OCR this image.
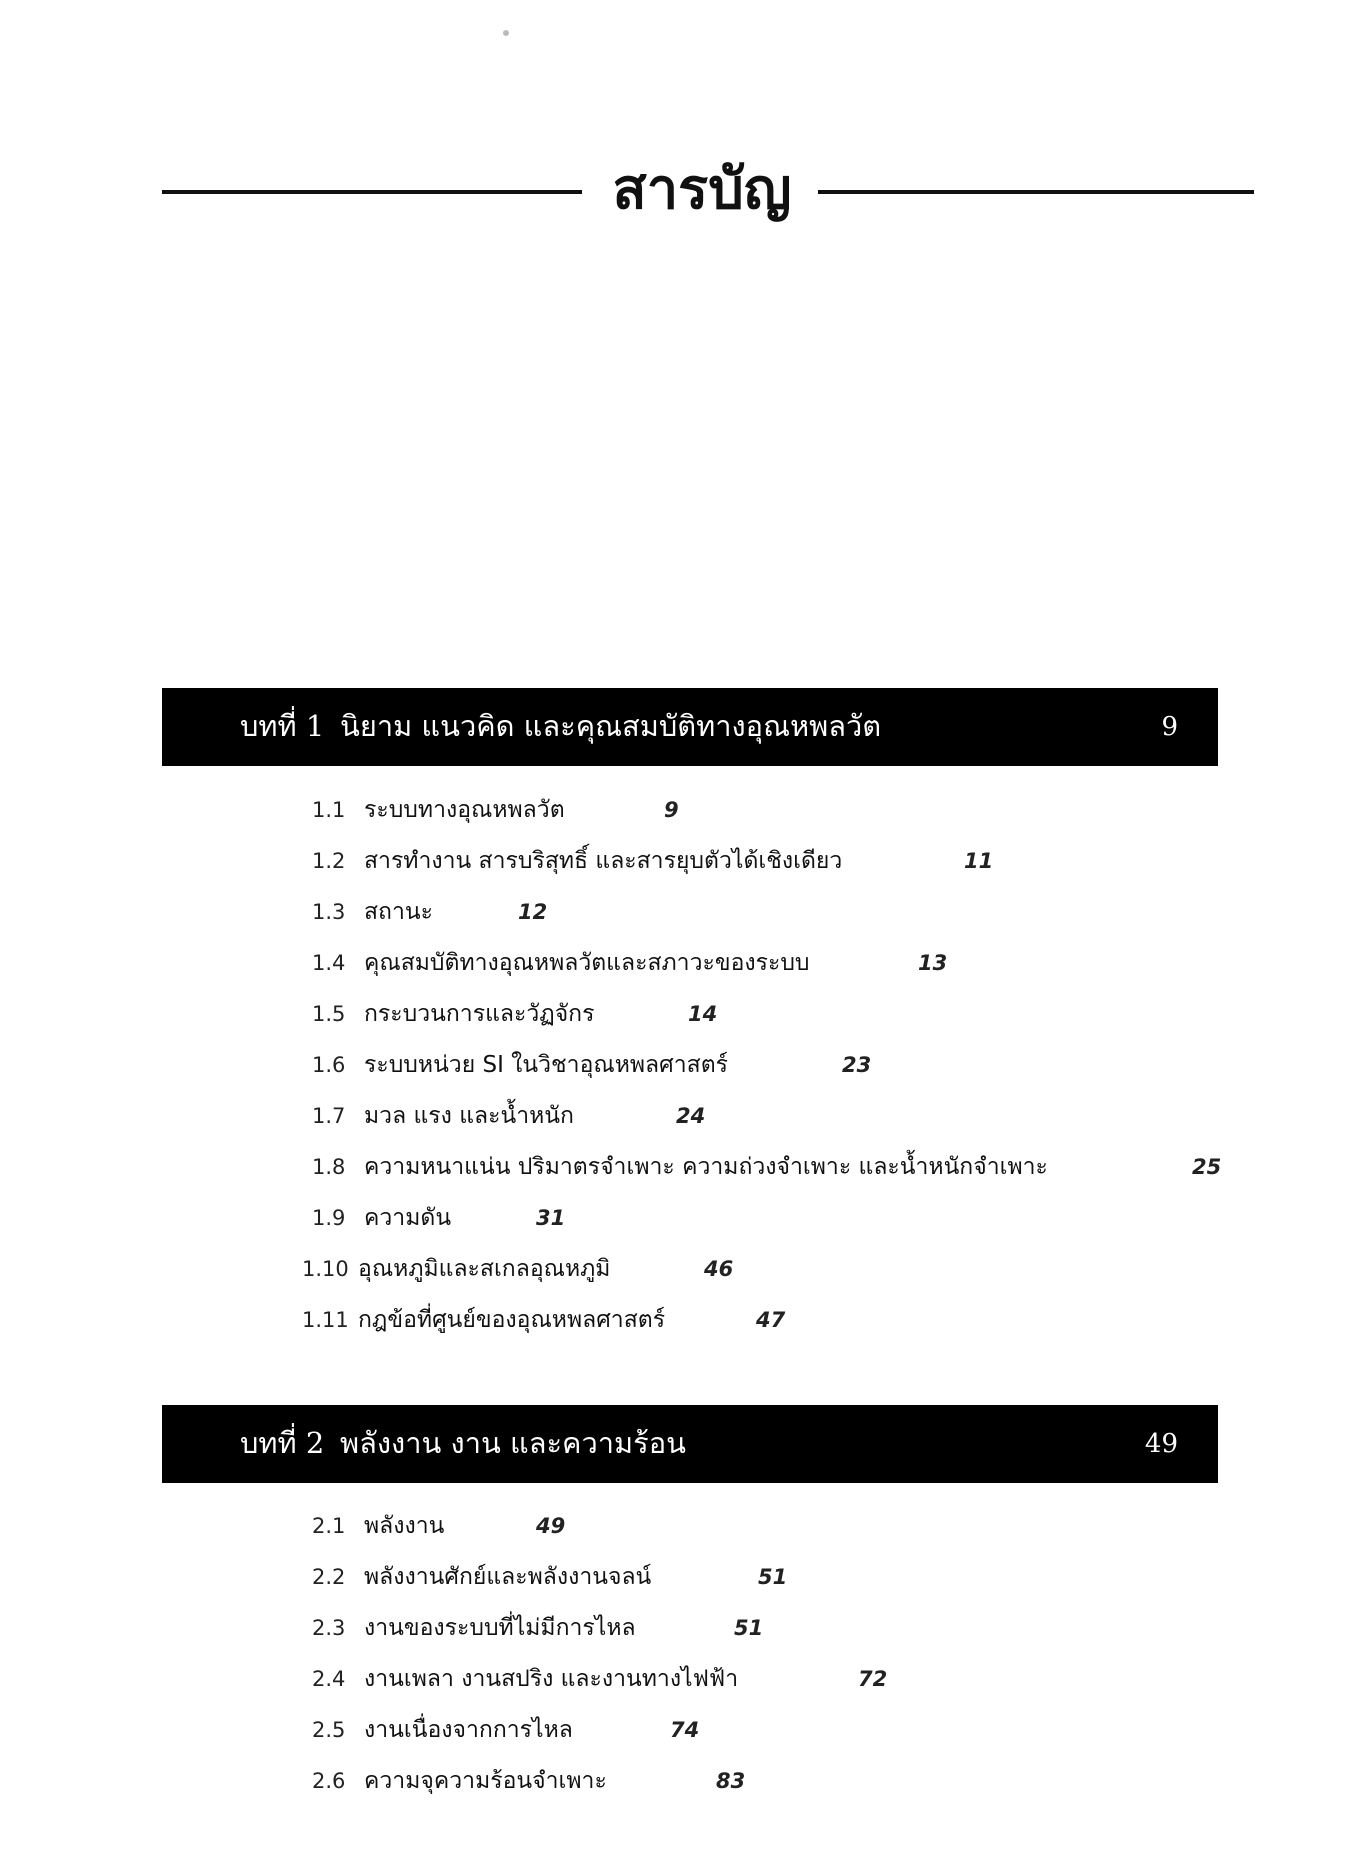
สารบัญ
บทที่ 1 นิยาม แนวคิด และคุณสมบัติทางอุณหพลวัต	9
1.1 ระบบทางอุณหพลวัต	9
1.2 สารทำงาน สารบริสุทธิ์ และสารยุบตัวได้เชิงเดียว	11
1.3 สถานะ	12
1.4 คุณสมบัติทางอุณหพลวัตและสภาวะของระบบ	13
1.5 กระบวนการและวัฏจักร	14
1.6 ระบบหน่วย SI ในวิชาอุณหพลศาสตร์	23
1.7 มวล แรง และน้ำหนัก	24
1.8 ความหนาแน่น ปริมาตรจำเพาะ ความถ่วงจำเพาะ และน้ำหนักจำเพาะ	25
1.9 ความดัน	31
1.10 อุณหภูมิและสเกลอุณหภูมิ	46
1.11 กฎข้อที่ศูนย์ของอุณหพลศาสตร์	47
บทที่ 2 พลังงาน งาน และความร้อน	49
2.1 พลังงาน	49
2.2 พลังงานศักย์และพลังงานจลน์	51
2.3 งานของระบบที่ไม่มีการไหล	51
2.4 งานเพลา งานสปริง และงานทางไฟฟ้า	72
2.5 งานเนื่องจากการไหล	74
2.6 ความจุความร้อนจำเพาะ	83
